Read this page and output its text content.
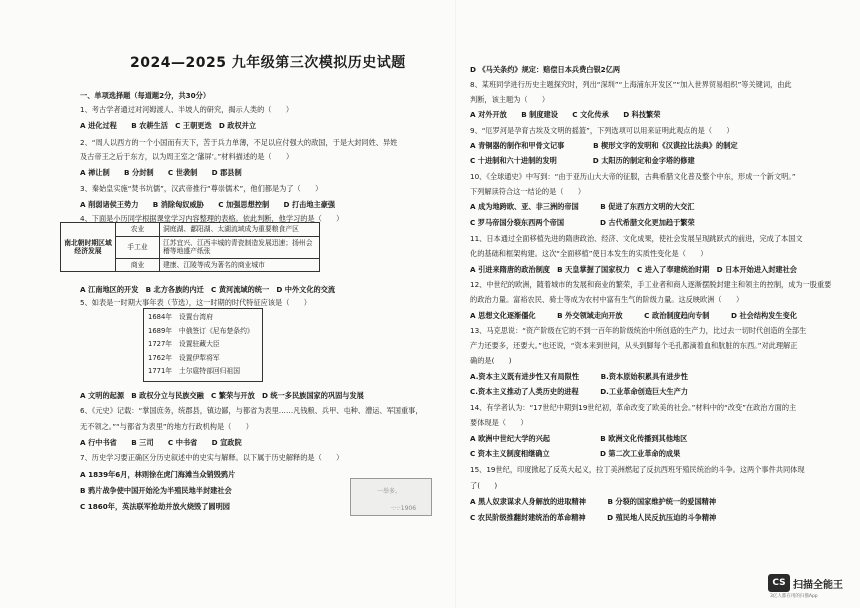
2024—2025 九年级第三次模拟历史试题
一、单项选择题（每道题2分，共30分）
1、考古学者通过对河姆渡人、半坡人的研究，揭示人类的（　　）
A 进化过程　　B 农耕生活　C 王朝更迭　D 政权并立
2、“周人以西方的一个小国而有天下，苦于兵力单薄，不足以应付强大的敌国，于是大封同姓、异姓
及古帝王之后于东方，以为周王室之‘藩屏’。”材料描述的是（　　）
A 禅让制　　B 分封制　　C 世袭制　　D 郡县制
3、秦始皇实施“焚书坑儒”，汉武帝推行“尊崇儒术”，他们都是为了（　　）
A 削弱诸侯王势力　　B 消除匈奴威胁　　C 加强思想控制　　D 打击地主豪强
4、下面是小历同学根据课堂学习内容整理的表格。依此判断，他学习的是（　　）
南北朝时期区域经济发展	农业	洞庭湖、鄱阳湖、太湖流域成为重要粮食产区
	手工业	江苏宜兴、江西丰城的青瓷制造发展迅速；扬州会稽等地盛产纸张
	商业	建康、江陵等成为著名的商业城市
A 江南地区的开发　B 北方各族的内迁　C 黄河流域的统一　D 中外文化的交流
5、如表是一时期大事年表（节选），这一时期的时代特征应该是（　　）
1684年　设置台湾府
1689年　中俄签订《尼布楚条约》
1727年　设置驻藏大臣
1762年　设置伊犁将军
1771年　土尔扈特部回归祖国
A 文明的起源　B 政权分立与民族交融　C 繁荣与开放　D 统一多民族国家的巩固与发展
6、《元史》记载：“掌国庶务，统郡县，镇边鄙，与都省为表里……凡钱粮、兵甲、屯种、漕运、军国重事，
无不领之。”“与都省为表里”的地方行政机构是（　　）
A 行中书省　　B 三司　　C 中书省　　D 宣政院
7、历史学习要正确区分历史叙述中的史实与解释。以下属于历史解释的是（　　）
A 1839年6月，林则徐在虎门海滩当众销毁鸦片
B 鸦片战争使中国开始沦为半殖民地半封建社会
C 1860年，英法联军抢劫并放火烧毁了圆明园
一举多。
·:·:·1906
D 《马关条约》规定：赔偿日本兵费白银2亿两
8、某班同学进行历史主题探究时，列出“深圳”“上海浦东开发区”“加入世界贸易组织”等关键词，由此
判断，该主题为（　　）
A 对外开放　　B 制度建设　　C 文化传承　　D 科技繁荣
9、“厄罗河是孕育古埃及文明的摇篮”，下列选项可以用来证明此观点的是（　　）
A 青铜器的制作和甲骨文记事　　　　B 楔形文字的发明和《汉谟拉比法典》的制定
C 十进制和六十进制的发明　　　　　D 太阳历的制定和金字塔的修建
10、《全球通史》中写到：“由于亚历山大大帝的征服，古典希腊文化普及整个中东，形成一个新文明。”
下列解读符合这一结论的是（　　）
A 成为地跨欧、亚、非三洲的帝国　　　B 促进了东西方文明的大交汇
C 罗马帝国分裂东西两个帝国　　　　　D 古代希腊文化更加趋于繁荣
11、日本通过全面移植先进的隋唐政治、经济、文化成果，使社会发展呈现跳跃式的前进，完成了本国文
化的基础和框架构建。这次“全面移植”使日本发生的实质性变化是（　　）
A 引进来隋唐的政治制度　B 天皇掌握了国家权力　C 进入了奉建统治时期　D 日本开始进入封建社会
12、中世纪的欧洲，随着城市的发展和商业的繁荣，手工业者和商人逐渐摆脱封建主和领主的控制，成为一股重要
的政治力量。富裕农民、骑士等成为农村中富有生气的阶级力量。这反映欧洲（　　）
A 思想文化逐渐僵化　　　B 外交领域走向开放　　　C 政治制度趋向专制　　　D 社会结构发生变化
13、马克思说：“资产阶级在它的不到一百年的阶级统治中所创造的生产力，比过去一切时代创造的全部生
产力还要多，还要大。”也还说，“资本来到世间，从头到脚每个毛孔都滴着血和肮脏的东西。”对此理解正
确的是(　　)
A.资本主义既有进步性又有局限性　　　B.资本原始积累具有进步性
C.资本主义推动了人类历史的进程　　　D.工业革命创造巨大生产力
14、有学者认为：“17世纪中期到19世纪初，革命改变了欧美的社会。”材料中的“改变”在政治方面的主
要体现是（　　）
A 欧洲中世纪大学的兴起　　　　　　　B 欧洲文化传播到其他地区
C 资本主义制度相继确立　　　　　　　D 第二次工业革命的成果
15、19世纪，印度掀起了反英大起义，拉丁美洲燃起了反抗西班牙殖民统治的斗争。这两个事件共同体现
了(　　)
A 黑人奴隶谋求人身解放的进取精神　　　B 分裂的国家维护统一的爱国精神
C 农民阶级推翻封建统治的革命精神　　　D 殖民地人民反抗压迫的斗争精神
CS 扫描全能王
3亿人都在用的扫描App
